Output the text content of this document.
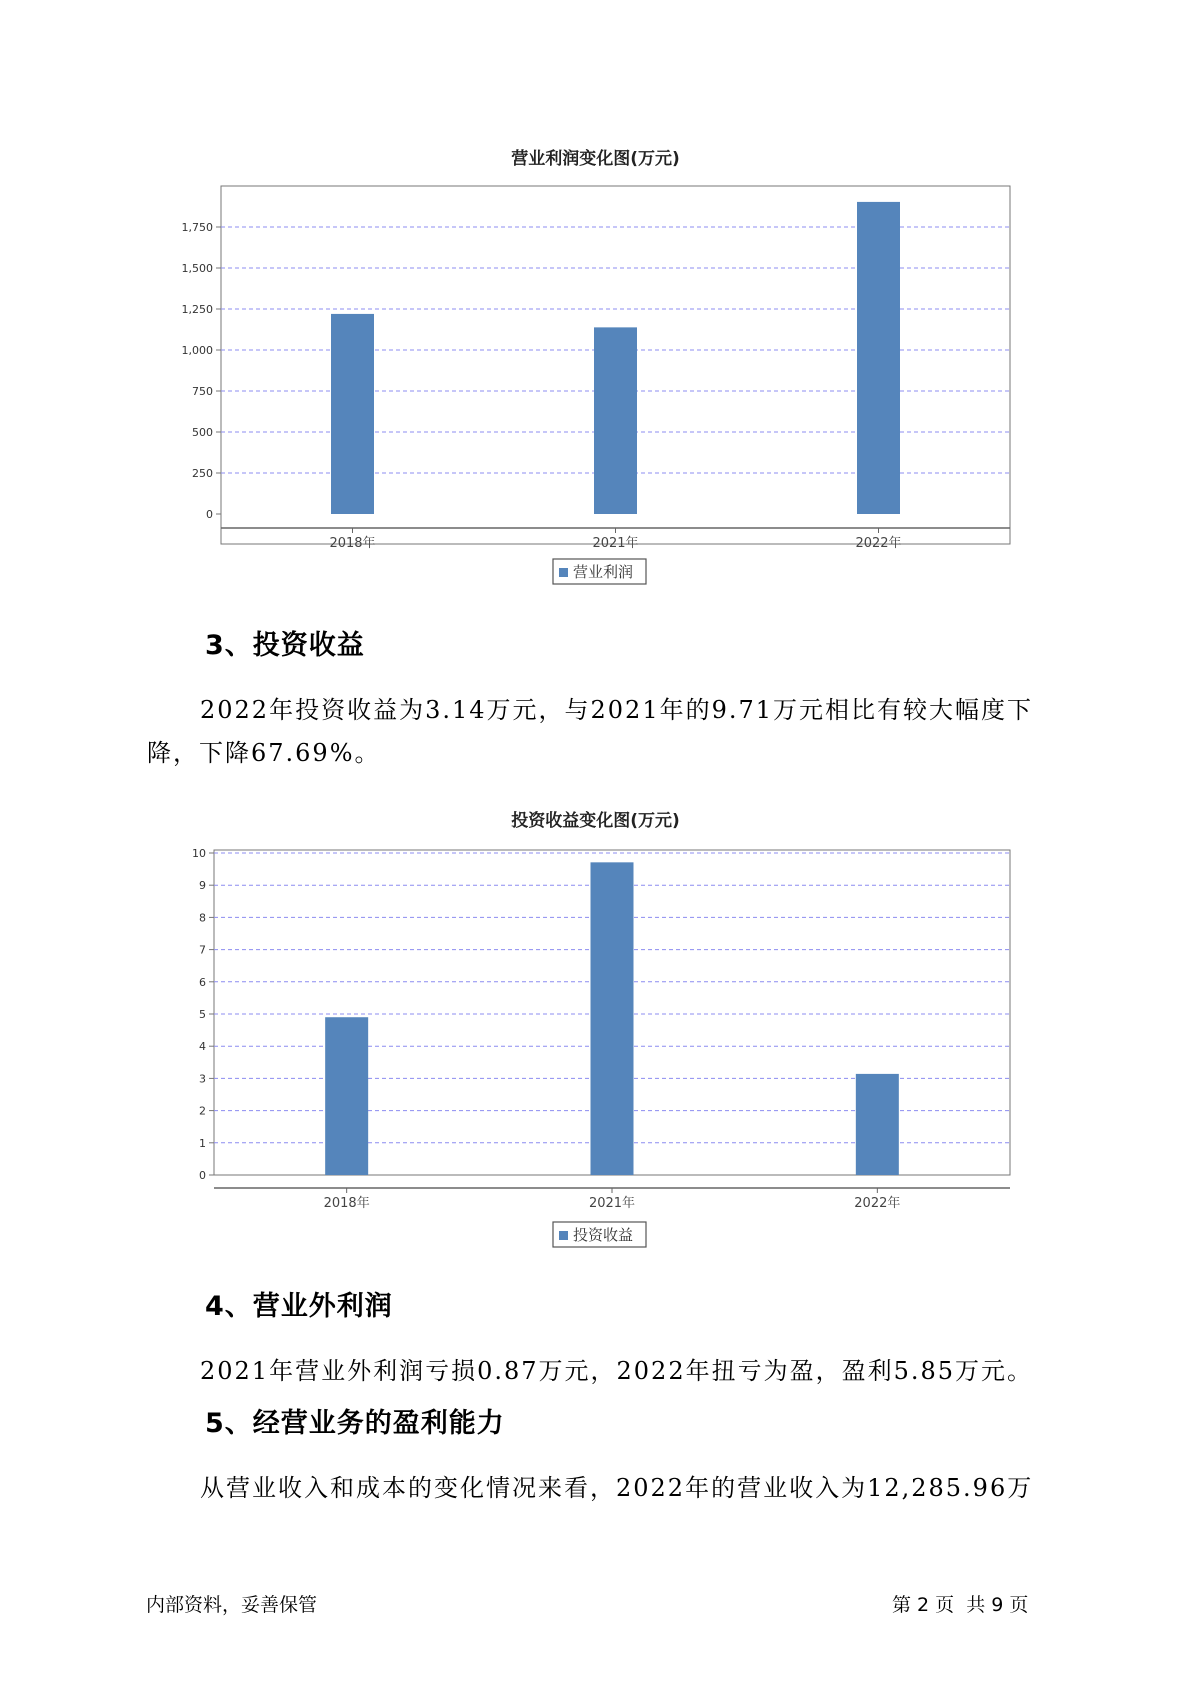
营业利润变化图(万元)
0
250
500
750
1,000
1,250
1,500
1,750
2018年	2021年	2022年
营业利润
3、投资收益
2022年投资收益为3.14万元，与2021年的9.71万元相比有较大幅度下
降，下降67.69%。
投资收益变化图(万元)
0
1
2
3
4
5
6
7
8
9
10
2018年	2021年	2022年
投资收益
4、营业外利润
2021年营业外利润亏损0.87万元，2022年扭亏为盈，盈利5.85万元。
5、经营业务的盈利能力
从营业收入和成本的变化情况来看，2022年的营业收入为12,285.96万
内部资料，妥善保管	第 2 页  共 9 页
